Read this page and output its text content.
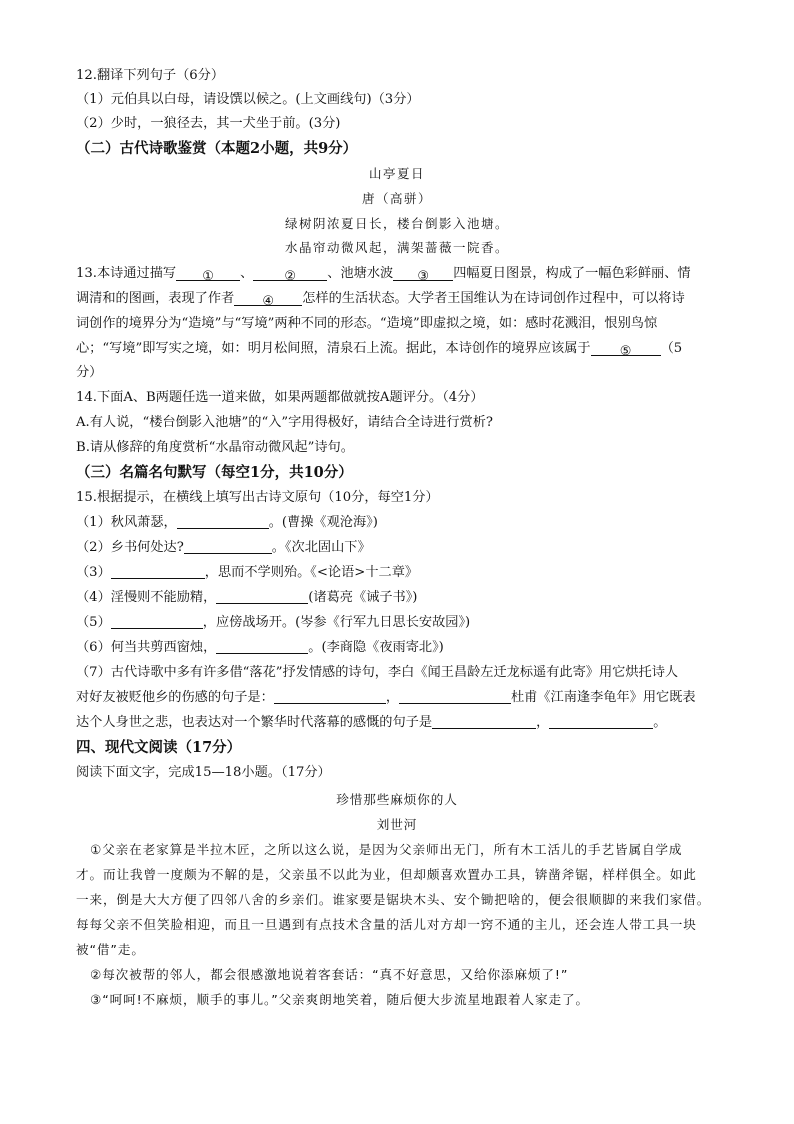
12.翻译下列句子（6分）
（1）元伯具以白母，请设馔以候之。(上文画线句)（3分）
（2）少时，一狼径去，其一犬坐于前。(3分)
（二）古代诗歌鉴赏（本题2小题，共9分）
山亭夏日
唐（高骈）
绿树阴浓夏日长，楼台倒影入池塘。
水晶帘动微风起，满架蔷薇一院香。
13.本诗通过描写 ① 、 ② 、池塘水波 ③ 四幅夏日图景，构成了一幅色彩鲜丽、情
调清和的图画，表现了作者 ④ 怎样的生活状态。大学者王国维认为在诗词创作过程中，可以将诗
词创作的境界分为“造境”与“写境”两种不同的形态。“造境”即虚拟之境，如：感时花溅泪，恨别鸟惊
心；“写境”即写实之境，如：明月松间照，清泉石上流。据此，本诗创作的境界应该属于 ⑤ （5
分）
14.下面A、B两题任选一道来做，如果两题都做就按A题评分。（4分）
A.有人说，“楼台倒影入池塘”的“入”字用得极好，请结合全诗进行赏析?
B.请从修辞的角度赏析“水晶帘动微风起”诗句。
（三）名篇名句默写（每空1分，共10分）
15.根据提示，在横线上填写出古诗文原句（10分，每空1分）
（1）秋风萧瑟，	。(曹操《观沧海》)
（2）乡书何处达?	。《次北固山下》
（3）	，思而不学则殆。《<论语>十二章》
（4）淫慢则不能励精，	(诸葛亮《诫子书》)
（5）	，应傍战场开。(岑参《行军九日思长安故园》)
（6）何当共剪西窗烛，	。(李商隐《夜雨寄北》)
（7）古代诗歌中多有许多借“落花”抒发情感的诗句，李白《闻王昌龄左迁龙标遥有此寄》用它烘托诗人
对好友被贬他乡的伤感的句子是：	，	杜甫《江南逢李龟年》用它既表
达个人身世之悲，也表达对一个繁华时代落幕的感慨的句子是	，	。
四、现代文阅读（17分）
阅读下面文字，完成15—18小题。（17分）
珍惜那些麻烦你的人
刘世河
①父亲在老家算是半拉木匠，之所以这么说，是因为父亲师出无门，所有木工活儿的手艺皆属自学成
才。而让我曾一度颇为不解的是，父亲虽不以此为业，但却颇喜欢置办工具，锛凿斧锯，样样俱全。如此
一来，倒是大大方便了四邻八舍的乡亲们。谁家要是锯块木头、安个锄把啥的，便会很顺脚的来我们家借。
每每父亲不但笑脸相迎，而且一旦遇到有点技术含量的活儿对方却一窍不通的主儿，还会连人带工具一块
被“借”走。
②每次被帮的邻人，都会很感激地说着客套话：“真不好意思，又给你添麻烦了!”
③“呵呵!不麻烦，顺手的事儿。”父亲爽朗地笑着，随后便大步流星地跟着人家走了。
